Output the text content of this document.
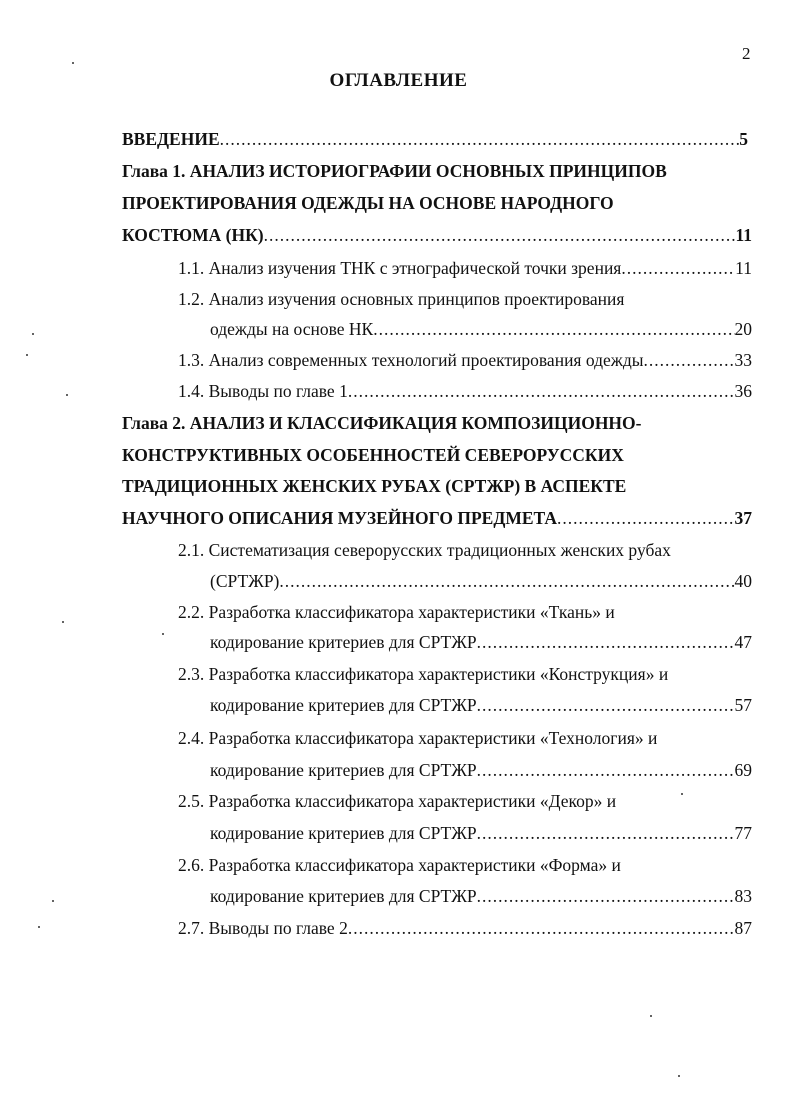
2
ОГЛАВЛЕНИЕ
ВВЕДЕНИЕ .....	5
Глава 1. АНАЛИЗ ИСТОРИОГРАФИИ ОСНОВНЫХ ПРИНЦИПОВ
ПРОЕКТИРОВАНИЯ ОДЕЖДЫ НА ОСНОВЕ НАРОДНОГО
КОСТЮМА (НК) .....	11
1.1. Анализ изучения ТНК с этнографической точки зрения .....	11
1.2. Анализ изучения основных принципов проектирования
одежды на основе НК .....	20
1.3. Анализ современных технологий проектирования одежды .....	33
1.4. Выводы по главе 1 .....	36
Глава 2. АНАЛИЗ И КЛАССИФИКАЦИЯ КОМПОЗИЦИОННО-
КОНСТРУКТИВНЫХ ОСОБЕННОСТЕЙ СЕВЕРОРУССКИХ
ТРАДИЦИОННЫХ ЖЕНСКИХ РУБАХ (СРТЖР) В АСПЕКТЕ
НАУЧНОГО ОПИСАНИЯ МУЗЕЙНОГО ПРЕДМЕТА .....	37
2.1. Систематизация северорусских традиционных женских рубах
(СРТЖР) .....	40
2.2. Разработка классификатора характеристики «Ткань» и
кодирование критериев для СРТЖР .....	47
2.3. Разработка классификатора характеристики «Конструкция» и
кодирование критериев для СРТЖР .....	57
2.4. Разработка классификатора характеристики «Технология» и
кодирование критериев для СРТЖР .....	69
2.5. Разработка классификатора характеристики «Декор» и
кодирование критериев для СРТЖР .....	77
2.6. Разработка классификатора характеристики «Форма» и
кодирование критериев для СРТЖР .....	83
2.7. Выводы по главе 2 .....	87
